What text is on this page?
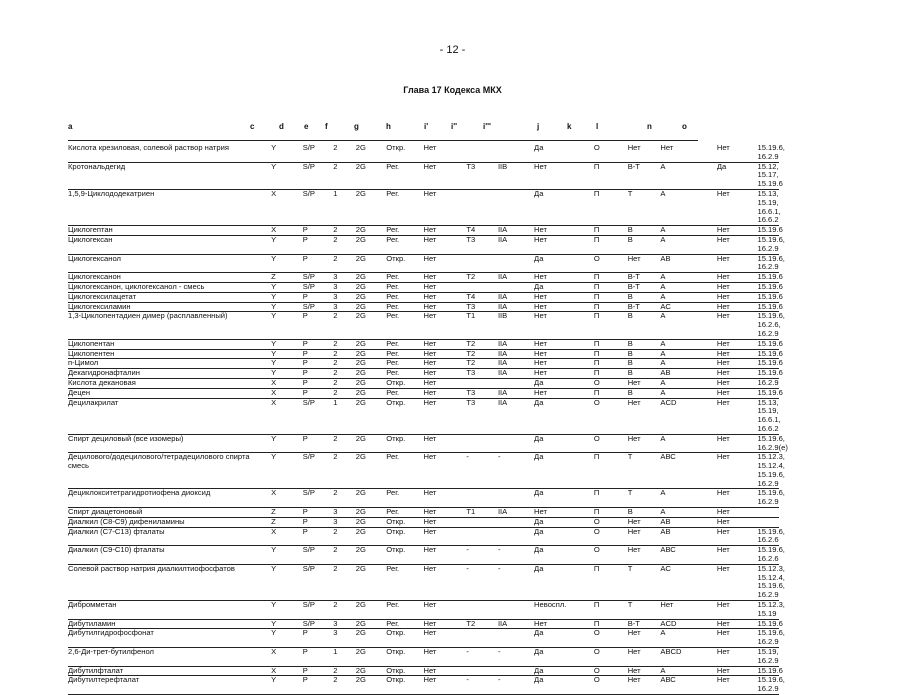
- 12 -
Глава 17 Кодекса МКХ
a	c	d	e f	g	h	i'	i''	i'''	j	k	l	n	o
Кислота крезиловая, солевой раствор натрия	Y	S/P	2	2G	Откр.	Нет			Да	О	Нет	Нет	Нет	15.19.6, 16.2.9
Кротональдегид	Y	S/P	2	2G	Рег.	Нет	Т3	IIB	Нет	П	В-Т	А	Да	15.12, 15.17, 15.19.6
1,5,9-Циклододекатриен	X	S/P	1	2G	Рег.	Нет			Да	П	Т	А	Нет	15.13, 15.19, 16.6.1, 16.6.2
Циклогептан	X	P	2	2G	Рег.	Нет	Т4	IIA	Нет	П	В	А	Нет	15.19.6
Циклогексан	Y	P	2	2G	Рег.	Нет	Т3	IIA	Нет	П	В	А	Нет	15.19.6, 16.2.9
Циклогексанол	Y	P	2	2G	Откр.	Нет			Да	О	Нет	АВ	Нет	15.19.6, 16.2.9
Циклогексанон	Z	S/P	3	2G	Рег.	Нет	Т2	IIA	Нет	П	В-Т	А	Нет	15.19.6
Циклогексанон, циклогексанол - смесь	Y	S/P	3	2G	Рег.	Нет			Да	П	В-Т	А	Нет	15.19.6
Циклогексилацетат	Y	P	3	2G	Рег.	Нет	Т4	IIA	Нет	П	В	А	Нет	15.19.6
Циклогексиламин	Y	S/P	3	2G	Рег.	Нет	Т3	IIA	Нет	П	В-Т	АС	Нет	15.19.6
1,3-Циклопентадиен димер (расплавленный)	Y	P	2	2G	Рег.	Нет	Т1	IIB	Нет	П	В	А	Нет	15.19.6, 16.2.6, 16.2.9
Циклопентан	Y	P	2	2G	Рег.	Нет	Т2	IIA	Нет	П	В	А	Нет	15.19.6
Циклопентен	Y	P	2	2G	Рег.	Нет	Т2	IIA	Нет	П	В	А	Нет	15.19.6
п-Цимол	Y	P	2	2G	Рег.	Нет	Т2	IIA	Нет	П	В	А	Нет	15.19.6
Декагидронафталин	Y	P	2	2G	Рег.	Нет	Т3	IIA	Нет	П	В	АВ	Нет	15.19.6
Кислота декановая	X	P	2	2G	Откр.	Нет			Да	О	Нет	А	Нет	16.2.9
Децен	X	P	2	2G	Рег.	Нет	Т3	IIA	Нет	П	В	А	Нет	15.19.6
Децилакрилат	X	S/P	1	2G	Откр.	Нет	Т3	IIA	Да	О	Нет	ACD	Нет	15.13, 15.19, 16.6.1, 16.6.2
Спирт дециловый (все изомеры)	Y	P	2	2G	Откр.	Нет			Да	О	Нет	А	Нет	15.19.6, 16.2.9(е)
Децилового/додецилового/тетрадецилового спирта смесь	Y	S/P	2	2G	Рег.	Нет	-	-	Да	П	Т	АВС	Нет	15.12.3, 15.12.4, 15.19.6, 16.2.9
Дециклокситетрагидротиофена диоксид	X	S/P	2	2G	Рег.	Нет			Да	П	Т	А	Нет	15.19.6, 16.2.9
Спирт диацетоновый	Z	P	3	2G	Рег.	Нет	Т1	IIA	Нет	П	В	А	Нет	
Диалкил (C8-C9) дифениламины	Z	P	3	2G	Откр.	Нет			Да	О	Нет	АВ	Нет	
Диалкил (C7-C13) фталаты	X	P	2	2G	Откр.	Нет			Да	О	Нет	АВ	Нет	15.19.6, 16.2.6
Диалкил (C9-C10) фталаты	Y	S/P	2	2G	Откр.	Нет	-	-	Да	О	Нет	АВС	Нет	15.19.6, 16.2.6
Солевой раствор натрия диалкилтиофосфатов	Y	S/P	2	2G	Рег.	Нет	-	-	Да	П	Т	АС	Нет	15.12.3, 15.12.4, 15.19.6, 16.2.9
Дибромметан	Y	S/P	2	2G	Рег.	Нет			Невоспл.	П	Т	Нет	Нет	15.12.3, 15.19
Дибутиламин	Y	S/P	3	2G	Рег.	Нет	Т2	IIA	Нет	П	В-Т	ACD	Нет	15.19.6
Дибутилгидрофосфонат	Y	P	3	2G	Откр.	Нет			Да	О	Нет	А	Нет	15.19.6, 16.2.9
2,6-Ди-трет-бутилфенол	X	P	1	2G	Откр.	Нет	-	-	Да	О	Нет	ABCD	Нет	15.19, 16.2.9
Дибутилфталат	X	P	2	2G	Откр.	Нет			Да	О	Нет	А	Нет	15.19.6
Дибутилтерефталат	Y	P	2	2G	Откр.	Нет	-	-	Да	О	Нет	АВС	Нет	15.19.6, 16.2.9
